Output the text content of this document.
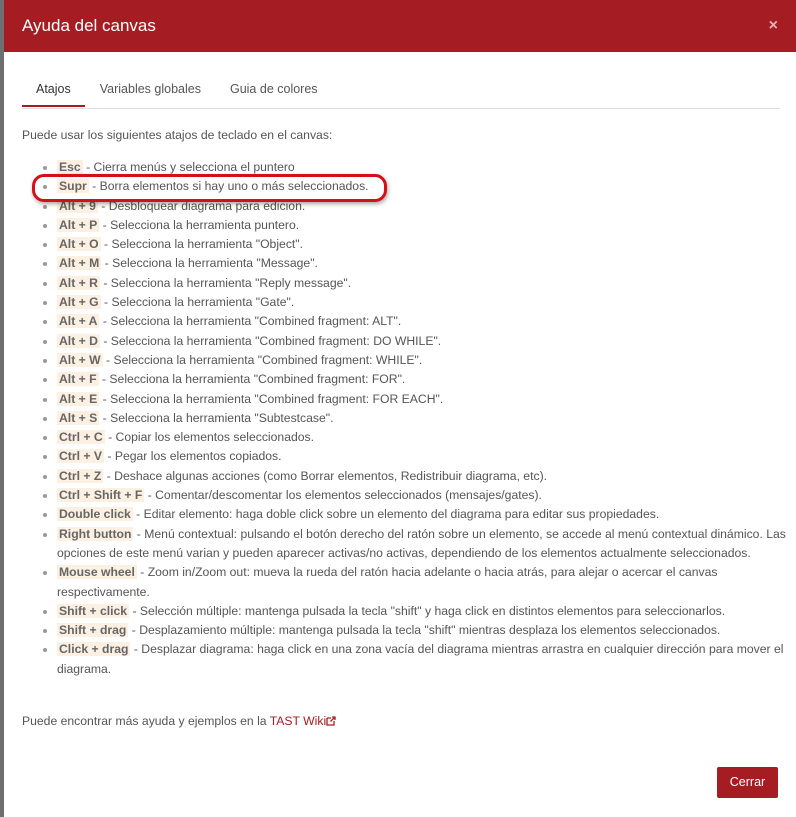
Ayuda del canvas	×
Atajos	Variables globales	Guia de colores
Puede usar los siguientes atajos de teclado en el canvas:
• Esc - Cierra menús y selecciona el puntero
• Supr - Borra elementos si hay uno o más seleccionados.
• Alt + 9 - Desbloquear diagrama para edicion.
• Alt + P - Selecciona la herramienta puntero.
• Alt + O - Selecciona la herramienta "Object".
• Alt + M - Selecciona la herramienta "Message".
• Alt + R - Selecciona la herramienta "Reply message".
• Alt + G - Selecciona la herramienta "Gate".
• Alt + A - Selecciona la herramienta "Combined fragment: ALT".
• Alt + D - Selecciona la herramienta "Combined fragment: DO WHILE".
• Alt + W - Selecciona la herramienta "Combined fragment: WHILE".
• Alt + F - Selecciona la herramienta "Combined fragment: FOR".
• Alt + E - Selecciona la herramienta "Combined fragment: FOR EACH".
• Alt + S - Selecciona la herramienta "Subtestcase".
• Ctrl + C - Copiar los elementos seleccionados.
• Ctrl + V - Pegar los elementos copiados.
• Ctrl + Z - Deshace algunas acciones (como Borrar elementos, Redistribuir diagrama, etc).
• Ctrl + Shift + F - Comentar/descomentar los elementos seleccionados (mensajes/gates).
• Double click - Editar elemento: haga doble click sobre un elemento del diagrama para editar sus propiedades.
• Right button - Menú contextual: pulsando el botón derecho del ratón sobre un elemento, se accede al menú contextual dinámico. Las opciones de este menú varian y pueden aparecer activas/no activas, dependiendo de los elementos actualmente seleccionados.
• Mouse wheel - Zoom in/Zoom out: mueva la rueda del ratón hacia adelante o hacia atrás, para alejar o acercar el canvas respectivamente.
• Shift + click - Selección múltiple: mantenga pulsada la tecla "shift" y haga click en distintos elementos para seleccionarlos.
• Shift + drag - Desplazamiento múltiple: mantenga pulsada la tecla "shift" mientras desplaza los elementos seleccionados.
• Click + drag - Desplazar diagrama: haga click en una zona vacía del diagrama mientras arrastra en cualquier dirección para mover el diagrama.
Puede encontrar más ayuda y ejemplos en la TAST Wiki
Cerrar
